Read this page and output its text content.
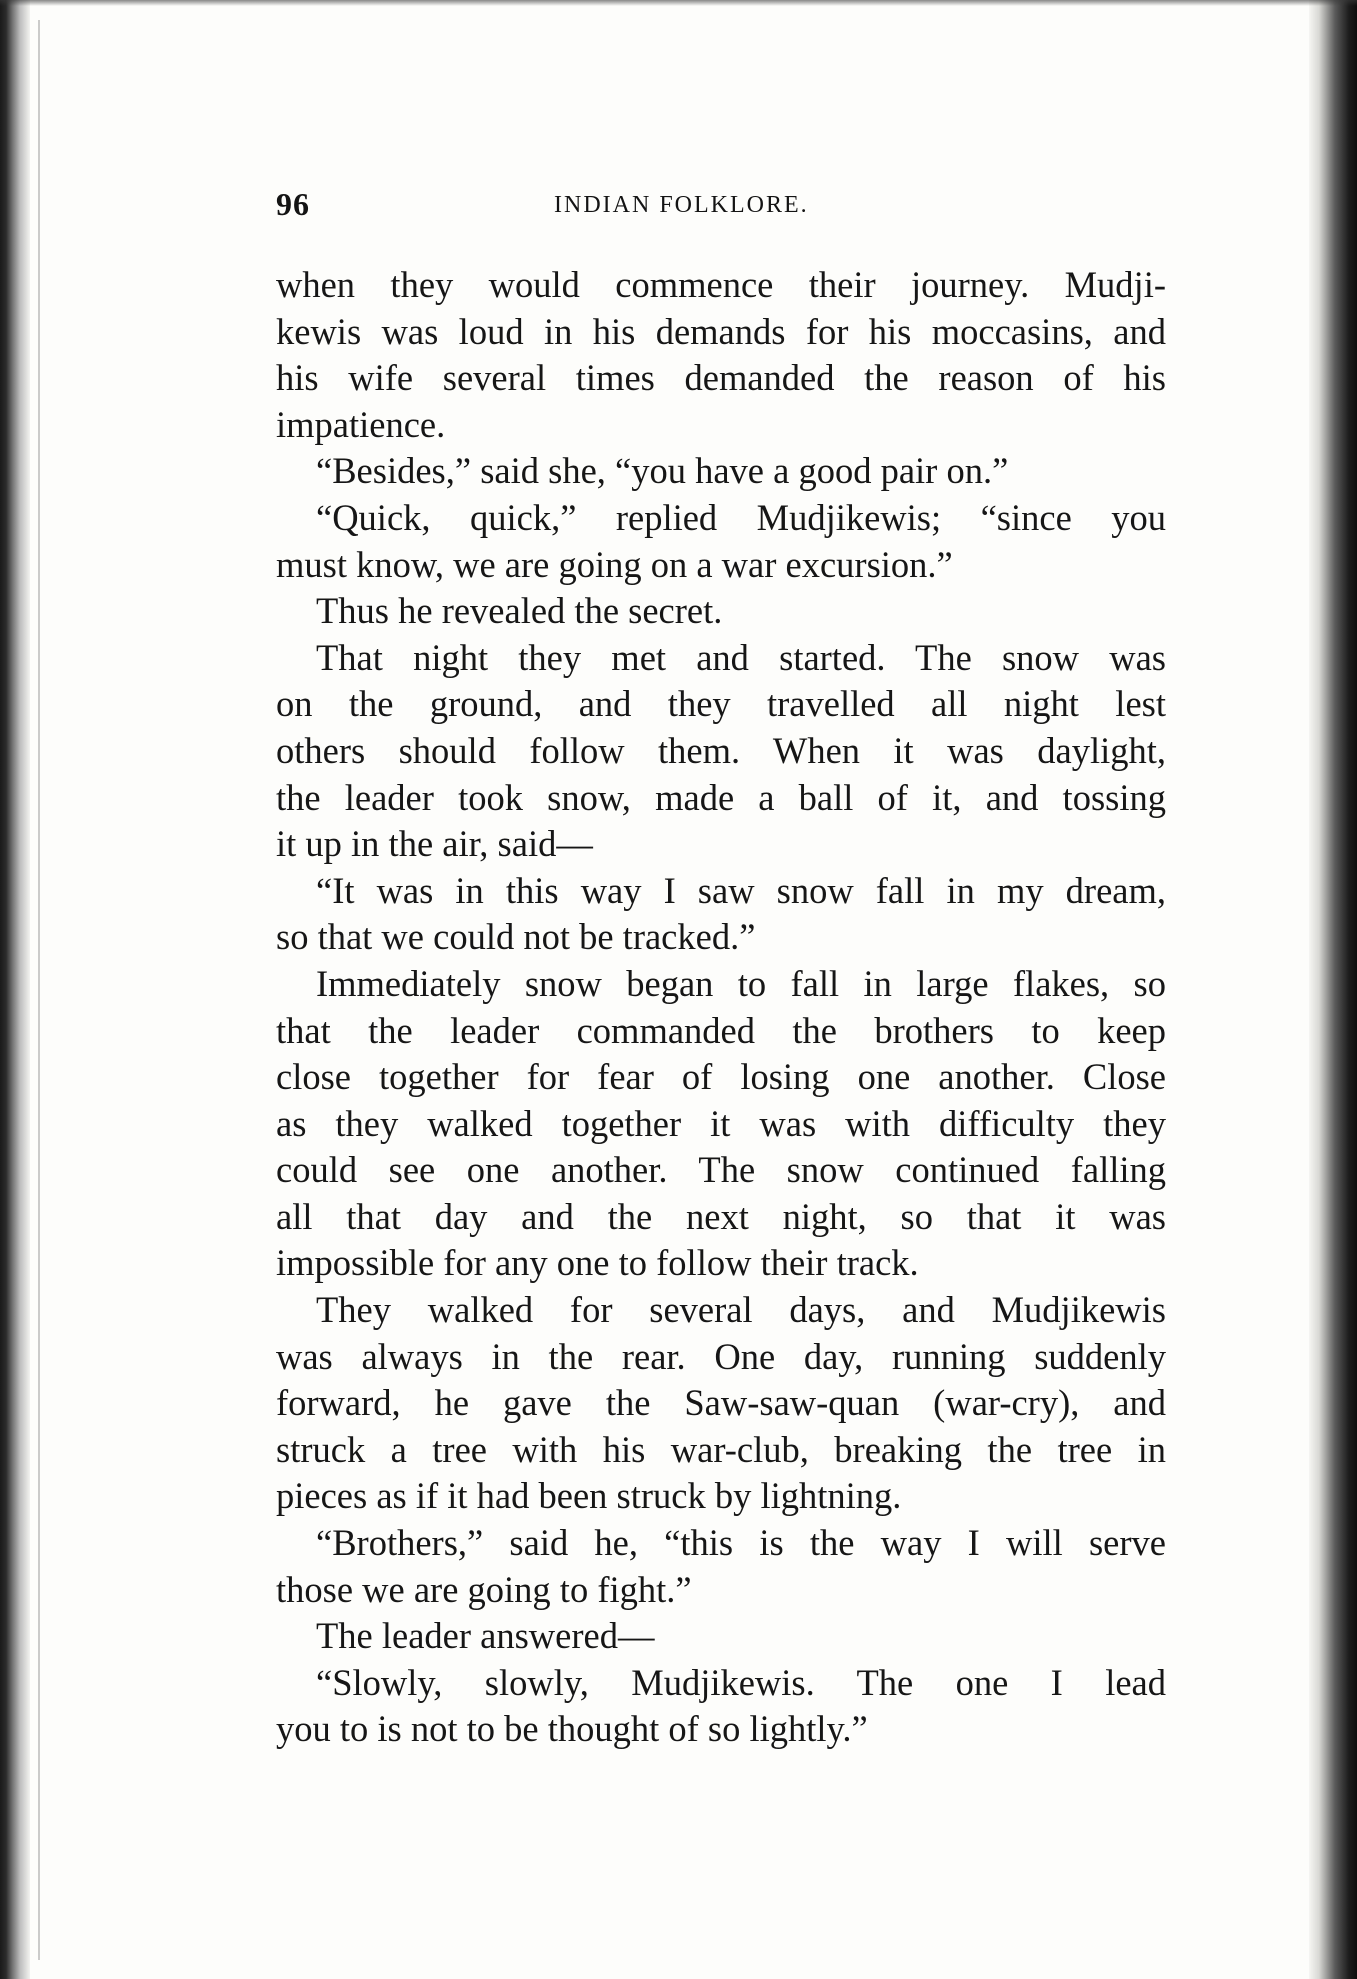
96	INDIAN FOLKLORE.
when they would commence their journey. Mudji-
kewis was loud in his demands for his moccasins, and
his wife several times demanded the reason of his
impatience.
“Besides,” said she, “you have a good pair on.”
“Quick, quick,” replied Mudjikewis; “since you
must know, we are going on a war excursion.”
Thus he revealed the secret.
That night they met and started. The snow was
on the ground, and they travelled all night lest
others should follow them. When it was daylight,
the leader took snow, made a ball of it, and tossing
it up in the air, said—
“It was in this way I saw snow fall in my dream,
so that we could not be tracked.”
Immediately snow began to fall in large flakes, so
that the leader commanded the brothers to keep
close together for fear of losing one another. Close
as they walked together it was with difficulty they
could see one another. The snow continued falling
all that day and the next night, so that it was
impossible for any one to follow their track.
They walked for several days, and Mudjikewis
was always in the rear. One day, running suddenly
forward, he gave the Saw-saw-quan (war-cry), and
struck a tree with his war-club, breaking the tree in
pieces as if it had been struck by lightning.
“Brothers,” said he, “this is the way I will serve
those we are going to fight.”
The leader answered—
“Slowly, slowly, Mudjikewis. The one I lead
you to is not to be thought of so lightly.”
